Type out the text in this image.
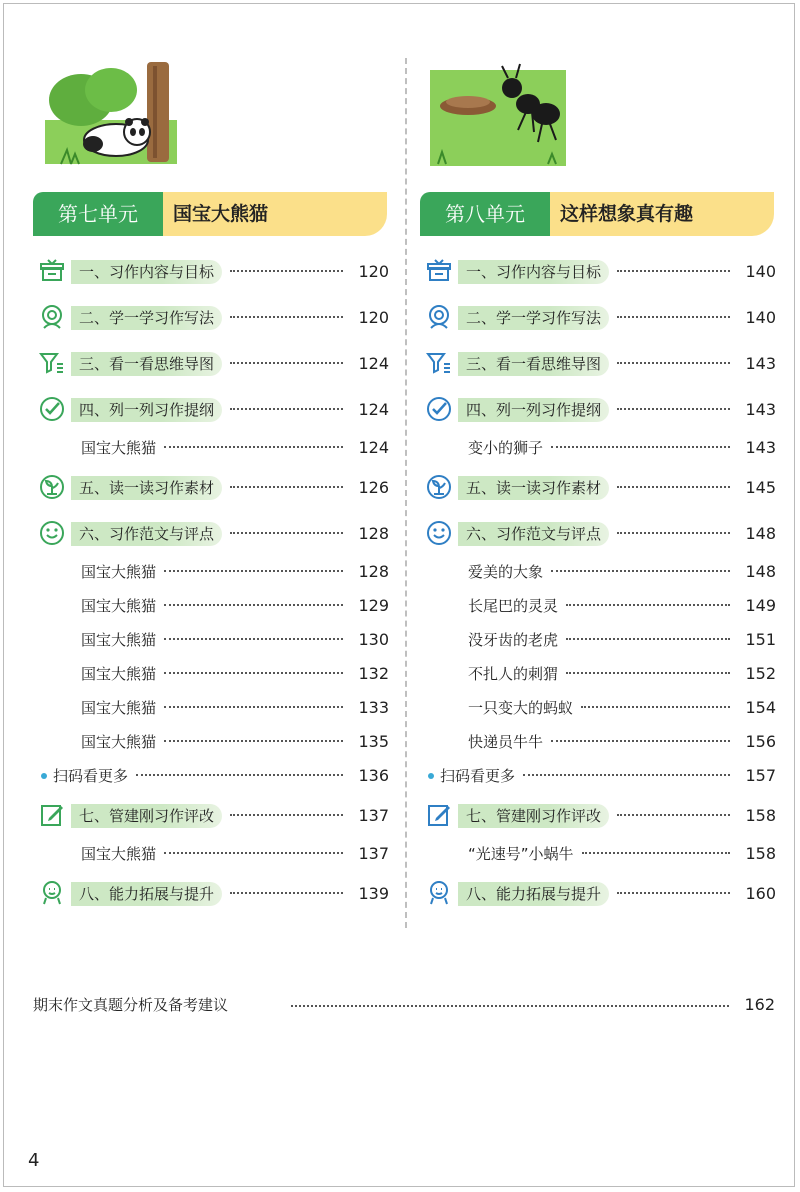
国宝大熊猫
第七单元
一、习作内容与目标	120
二、学一学习作写法	120
三、看一看思维导图	124
四、列一列习作提纲	124
国宝大熊猫	124
五、读一读习作素材	126
六、习作范文与评点	128
国宝大熊猫	128
国宝大熊猫	129
国宝大熊猫	130
国宝大熊猫	132
国宝大熊猫	133
国宝大熊猫	135
扫码看更多	136
七、管建刚习作评改	137
国宝大熊猫	137
八、能力拓展与提升	139
这样想象真有趣
第八单元
一、习作内容与目标	140
二、学一学习作写法	140
三、看一看思维导图	143
四、列一列习作提纲	143
变小的狮子	143
五、读一读习作素材	145
六、习作范文与评点	148
爱美的大象	148
长尾巴的灵灵	149
没牙齿的老虎	151
不扎人的刺猬	152
一只变大的蚂蚁	154
快递员牛牛	156
扫码看更多	157
七、管建刚习作评改	158
“光速号”小蜗牛	158
八、能力拓展与提升	160
期末作文真题分析及备考建议	162
4
